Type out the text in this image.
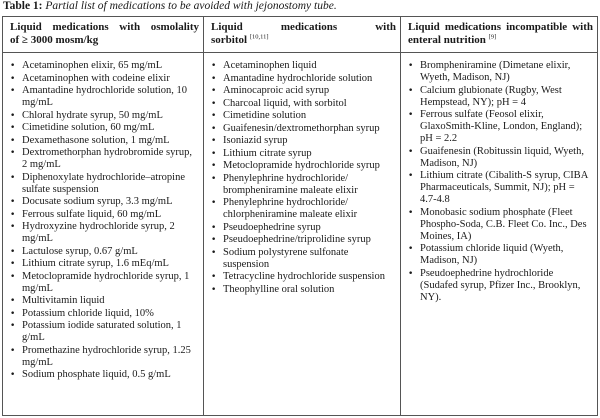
Table 1: Partial list of medications to be avoided with jejonostomy tube.
Liquid medications with osmolality
of ≥ 3000 mosm/kg
• Acetaminophen elixir, 65 mg/mL
• Acetaminophen with codeine elixir
• Amantadine hydrochloride solution, 10 mg/mL
• Chloral hydrate syrup, 50 mg/mL
• Cimetidine solution, 60 mg/mL
• Dexamethasone solution, 1 mg/mL
• Dextromethorphan hydrobromide syrup, 2 mg/mL
• Diphenoxylate hydrochloride–atropine sulfate suspension
• Docusate sodium syrup, 3.3 mg/mL
• Ferrous sulfate liquid, 60 mg/mL
• Hydroxyzine hydrochloride syrup, 2 mg/mL
• Lactulose syrup, 0.67 g/mL
• Lithium citrate syrup, 1.6 mEq/mL
• Metoclopramide hydrochloride syrup, 1 mg/mL
• Multivitamin liquid
• Potassium chloride liquid, 10%
• Potassium iodide saturated solution, 1 g/mL
• Promethazine hydrochloride syrup, 1.25 mg/mL
• Sodium phosphate liquid, 0.5 g/mL
Liquid medications with
sorbitol [10,11]
• Acetaminophen liquid
• Amantadine hydrochloride solution
• Aminocaproic acid syrup
• Charcoal liquid, with sorbitol
• Cimetidine solution
• Guaifenesin/dextromethorphan syrup
• Isoniazid syrup
• Lithium citrate syrup
• Metoclopramide hydrochloride syrup
• Phenylephrine hydrochloride/ brompheniramine maleate elixir
• Phenylephrine hydrochloride/ chlorpheniramine maleate elixir
• Pseudoephedrine syrup
• Pseudoephedrine/triprolidine syrup
• Sodium polystyrene sulfonate suspension
• Tetracycline hydrochloride suspension
• Theophylline oral solution
Liquid medications incompatible with
enteral nutrition [9]
• Brompheniramine (Dimetane elixir, Wyeth, Madison, NJ)
• Calcium glubionate (Rugby, West Hempstead, NY); pH = 4
• Ferrous sulfate (Feosol elixir, GlaxoSmith-Kline, London, England); pH = 2.2
• Guaifenesin (Robitussin liquid, Wyeth, Madison, NJ)
• Lithium citrate (Cibalith-S syrup, CIBA Pharmaceuticals, Summit, NJ); pH = 4.7-4.8
• Monobasic sodium phosphate (Fleet Phospho-Soda, C.B. Fleet Co. Inc., Des Moines, IA)
• Potassium chloride liquid (Wyeth, Madison, NJ)
• Pseudoephedrine hydrochloride (Sudafed syrup, Pfizer Inc., Brooklyn, NY).
